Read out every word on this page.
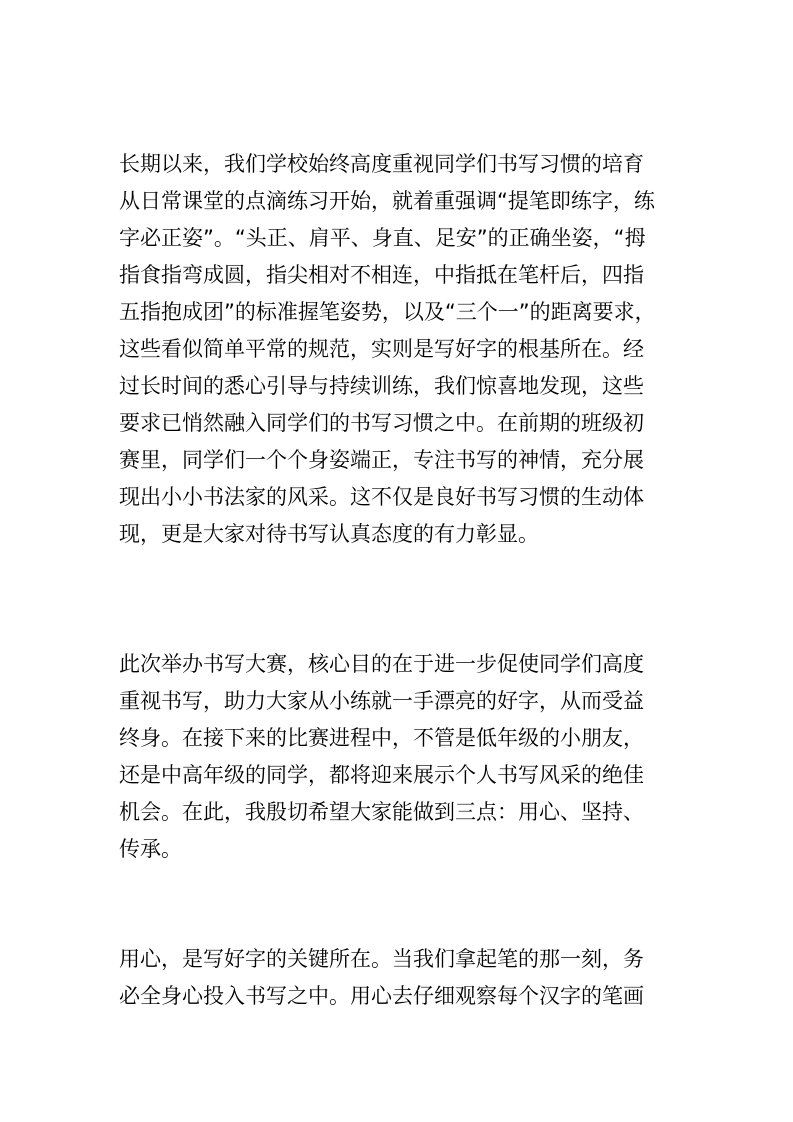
长期以来，我们学校始终高度重视同学们书写习惯的培育
从日常课堂的点滴练习开始，就着重强调“提笔即练字，练
字必正姿”。“头正、肩平、身直、足安”的正确坐姿，“拇
指食指弯成圆，指尖相对不相连，中指抵在笔杆后，四指
五指抱成团”的标准握笔姿势，以及“三个一”的距离要求，
这些看似简单平常的规范，实则是写好字的根基所在。经
过长时间的悉心引导与持续训练，我们惊喜地发现，这些
要求已悄然融入同学们的书写习惯之中。在前期的班级初
赛里，同学们一个个身姿端正，专注书写的神情，充分展
现出小小书法家的风采。这不仅是良好书写习惯的生动体
现，更是大家对待书写认真态度的有力彰显。
此次举办书写大赛，核心目的在于进一步促使同学们高度
重视书写，助力大家从小练就一手漂亮的好字，从而受益
终身。在接下来的比赛进程中，不管是低年级的小朋友，
还是中高年级的同学，都将迎来展示个人书写风采的绝佳
机会。在此，我殷切希望大家能做到三点：用心、坚持、
传承。
用心，是写好字的关键所在。当我们拿起笔的那一刻，务
必全身心投入书写之中。用心去仔细观察每个汉字的笔画
